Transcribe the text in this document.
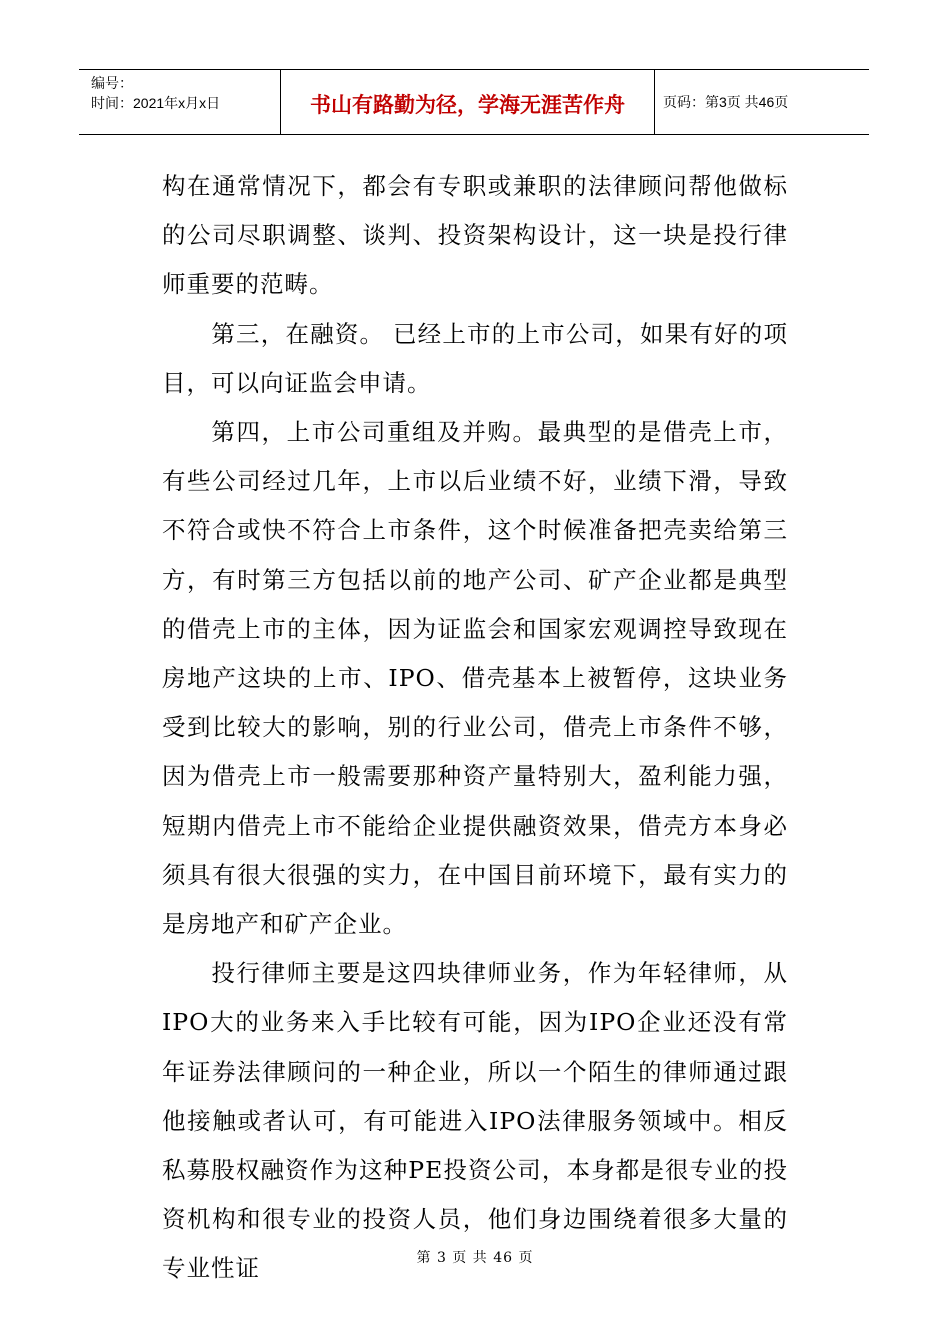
编号：
时间：2021年x月x日	书山有路勤为径，学海无涯苦作舟	页码：第3页 共46页

构在通常情况下，都会有专职或兼职的法律顾问帮他做标的公司尽职调整、谈判、投资架构设计，这一块是投行律师重要的范畴。

第三，在融资。 已经上市的上市公司，如果有好的项目，可以向证监会申请。

第四，上市公司重组及并购。最典型的是借壳上市，有些公司经过几年，上市以后业绩不好，业绩下滑，导致不符合或快不符合上市条件，这个时候准备把壳卖给第三方，有时第三方包括以前的地产公司、矿产企业都是典型的借壳上市的主体，因为证监会和国家宏观调控导致现在房地产这块的上市、IPO、借壳基本上被暂停，这块业务受到比较大的影响，别的行业公司，借壳上市条件不够，因为借壳上市一般需要那种资产量特别大，盈利能力强，短期内借壳上市不能给企业提供融资效果，借壳方本身必须具有很大很强的实力，在中国目前环境下，最有实力的是房地产和矿产企业。

投行律师主要是这四块律师业务，作为年轻律师，从IPO大的业务来入手比较有可能，因为IPO企业还没有常年证券法律顾问的一种企业，所以一个陌生的律师通过跟他接触或者认可，有可能进入IPO法律服务领域中。相反私募股权融资作为这种PE投资公司，本身都是很专业的投资机构和很专业的投资人员，他们身边围绕着很多大量的专业性证	第 3 页 共 46 页
